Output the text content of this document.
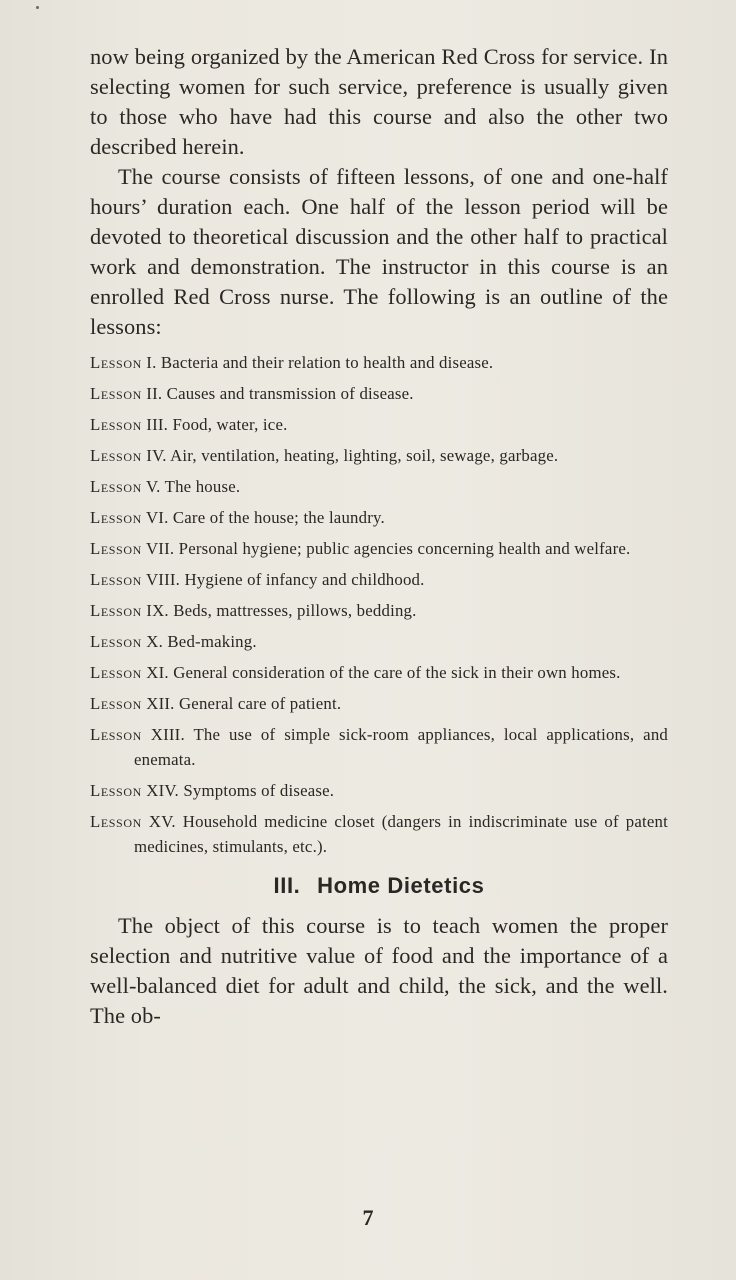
now being organized by the American Red Cross for service. In selecting women for such service, preference is usually given to those who have had this course and also the other two described herein.

The course consists of fifteen lessons, of one and one-half hours’ duration each. One half of the lesson period will be devoted to theoretical discussion and the other half to practical work and demonstration. The instructor in this course is an enrolled Red Cross nurse. The following is an outline of the lessons:

Lesson I. Bacteria and their relation to health and disease.
Lesson II. Causes and transmission of disease.
Lesson III. Food, water, ice.
Lesson IV. Air, ventilation, heating, lighting, soil, sewage, garbage.
Lesson V. The house.
Lesson VI. Care of the house; the laundry.
Lesson VII. Personal hygiene; public agencies concerning health and welfare.
Lesson VIII. Hygiene of infancy and childhood.
Lesson IX. Beds, mattresses, pillows, bedding.
Lesson X. Bed-making.
Lesson XI. General consideration of the care of the sick in their own homes.
Lesson XII. General care of patient.
Lesson XIII. The use of simple sick-room appliances, local applications, and enemata.
Lesson XIV. Symptoms of disease.
Lesson XV. Household medicine closet (dangers in indiscriminate use of patent medicines, stimulants, etc.).
III. Home Dietetics

The object of this course is to teach women the proper selection and nutritive value of food and the importance of a well-balanced diet for adult and child, the sick, and the well. The ob-

7
